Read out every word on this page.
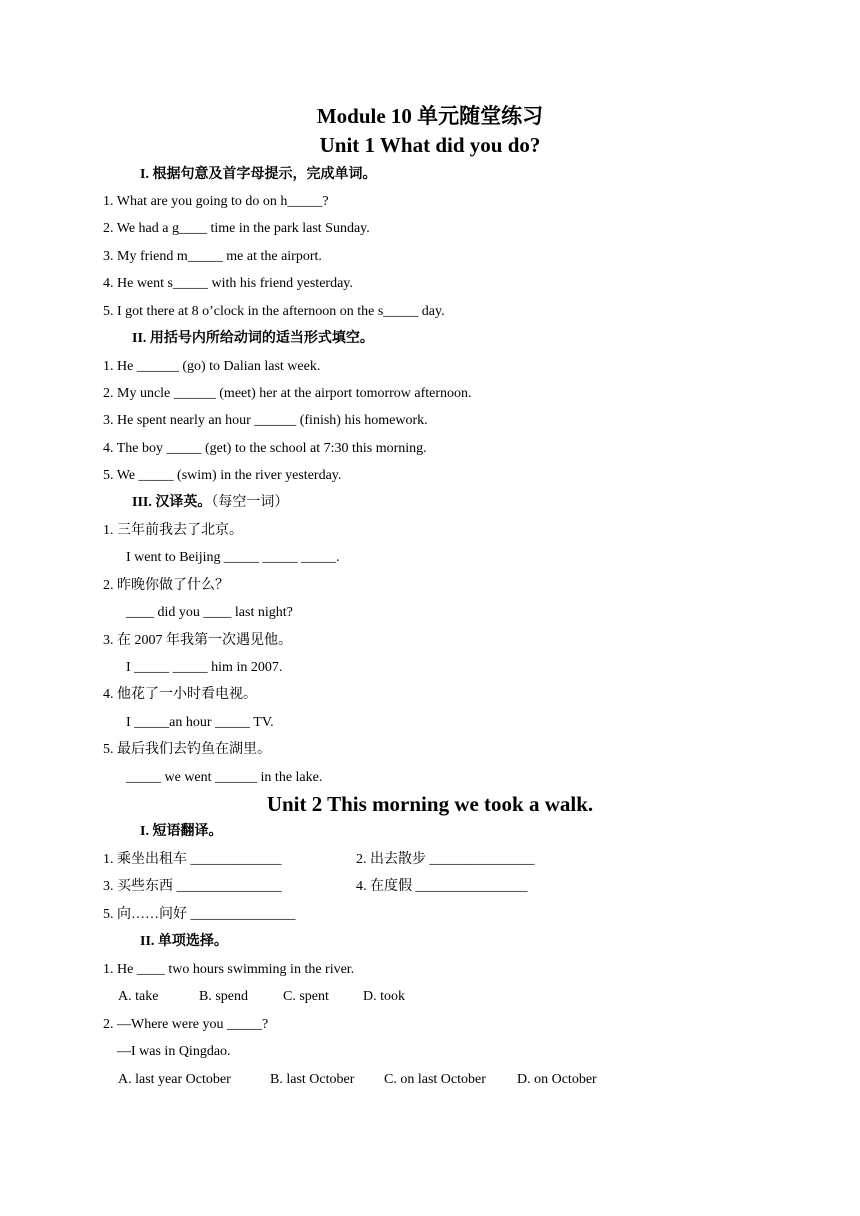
Module 10 单元随堂练习
Unit 1 What did you do?
I. 根据句意及首字母提示，完成单词。
1. What are you going to do on h_____?
2. We had a g____ time in the park last Sunday.
3. My friend m_____ me at the airport.
4. He went s_____ with his friend yesterday.
5. I got there at 8 o’clock in the afternoon on the s_____ day.
II. 用括号内所给动词的适当形式填空。
1. He ______ (go) to Dalian last week.
2. My uncle ______ (meet) her at the airport tomorrow afternoon.
3. He spent nearly an hour ______ (finish) his homework.
4. The boy _____ (get) to the school at 7:30 this morning.
5. We _____ (swim) in the river yesterday.
III. 汉译英。（每空一词）
1. 三年前我去了北京。
I went to Beijing _____ _____ _____.
2. 昨晚你做了什么？
____ did you ____ last night?
3. 在 2007 年我第一次遇见他。
I _____ _____ him in 2007.
4. 他花了一小时看电视。
I _____an hour _____ TV.
5. 最后我们去钓鱼在湖里。
_____ we went ______ in the lake.
Unit 2 This morning we took a walk.
I. 短语翻译。
1. 乘坐出租车 _____________	2. 出去散步 _______________
3. 买些东西 _______________	4. 在度假 ________________
5. 向……问好 _______________
II. 单项选择。
1. He ____ two hours swimming in the river.
A. take	B. spend	C. spent D. took
2. —Where were you _____?
—I was in Qingdao.
A. last year October	B. last October C. on last October D. on October
